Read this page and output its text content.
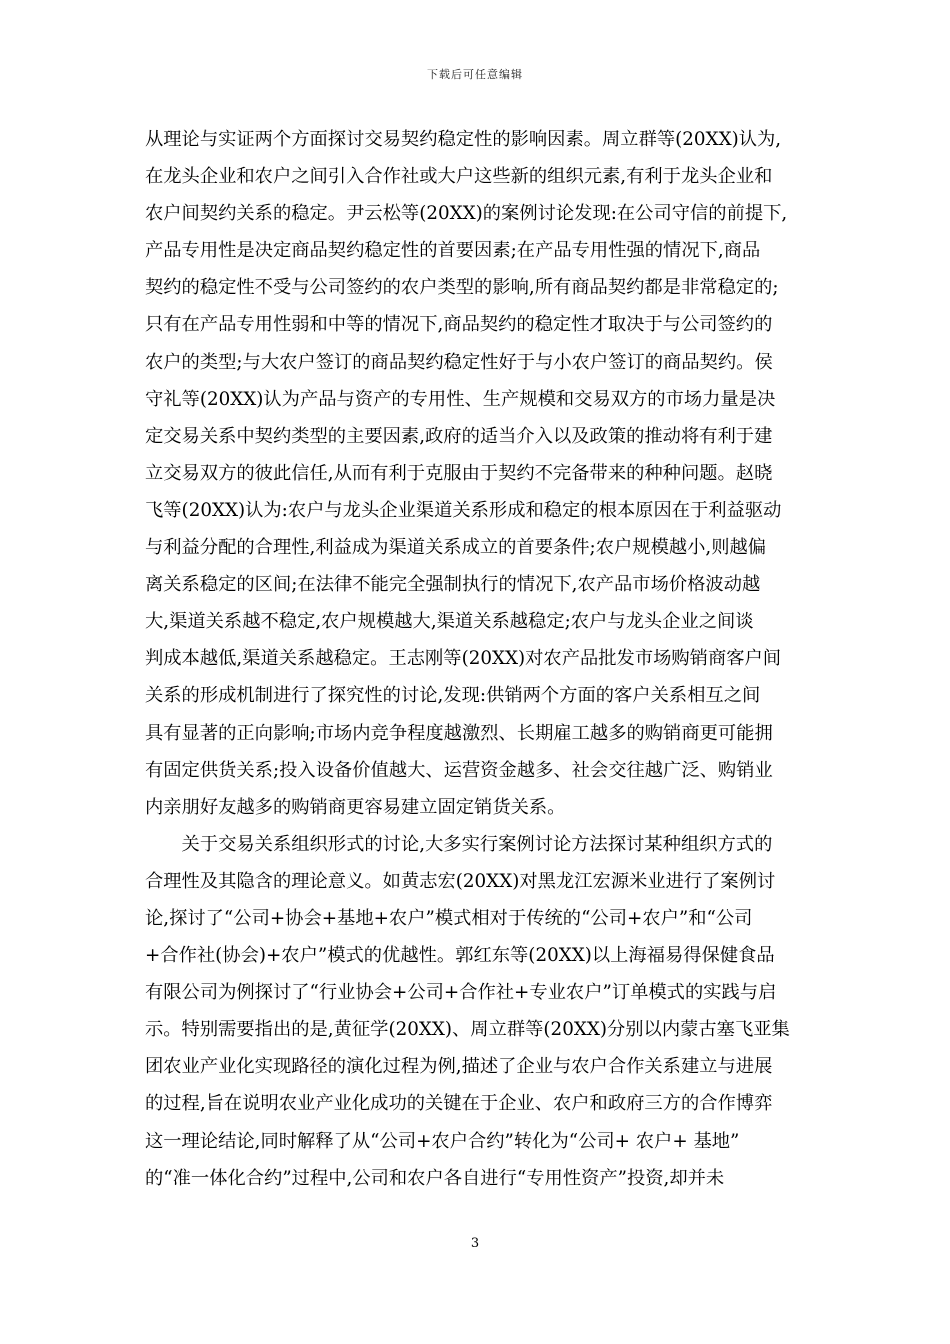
下载后可任意编辑
从理论与实证两个方面探讨交易契约稳定性的影响因素。周立群等(20XX)认为,
在龙头企业和农户之间引入合作社或大户这些新的组织元素,有利于龙头企业和
农户间契约关系的稳定。尹云松等(20XX)的案例讨论发现:在公司守信的前提下,
产品专用性是决定商品契约稳定性的首要因素;在产品专用性强的情况下,商品
契约的稳定性不受与公司签约的农户类型的影响,所有商品契约都是非常稳定的;
只有在产品专用性弱和中等的情况下,商品契约的稳定性才取决于与公司签约的
农户的类型;与大农户签订的商品契约稳定性好于与小农户签订的商品契约。侯
守礼等(20XX)认为产品与资产的专用性、生产规模和交易双方的市场力量是决
定交易关系中契约类型的主要因素,政府的适当介入以及政策的推动将有利于建
立交易双方的彼此信任,从而有利于克服由于契约不完备带来的种种问题。赵晓
飞等(20XX)认为:农户与龙头企业渠道关系形成和稳定的根本原因在于利益驱动
与利益分配的合理性,利益成为渠道关系成立的首要条件;农户规模越小,则越偏
离关系稳定的区间;在法律不能完全强制执行的情况下,农产品市场价格波动越
大,渠道关系越不稳定,农户规模越大,渠道关系越稳定;农户与龙头企业之间谈
判成本越低,渠道关系越稳定。王志刚等(20XX)对农产品批发市场购销商客户间
关系的形成机制进行了探究性的讨论,发现:供销两个方面的客户关系相互之间
具有显著的正向影响;市场内竞争程度越激烈、长期雇工越多的购销商更可能拥
有固定供货关系;投入设备价值越大、运营资金越多、社会交往越广泛、购销业
内亲朋好友越多的购销商更容易建立固定销货关系。
　　关于交易关系组织形式的讨论,大多实行案例讨论方法探讨某种组织方式的
合理性及其隐含的理论意义。如黄志宏(20XX)对黑龙江宏源米业进行了案例讨
论,探讨了“公司+协会+基地+农户”模式相对于传统的“公司+农户”和“公司
+合作社(协会)+农户”模式的优越性。郭红东等(20XX)以上海福易得保健食品
有限公司为例探讨了“行业协会+公司+合作社+专业农户”订单模式的实践与启
示。特别需要指出的是,黄征学(20XX)、周立群等(20XX)分别以内蒙古塞飞亚集
团农业产业化实现路径的演化过程为例,描述了企业与农户合作关系建立与进展
的过程,旨在说明农业产业化成功的关键在于企业、农户和政府三方的合作博弈
这一理论结论,同时解释了从“公司+农户合约”转化为“公司+ 农户+ 基地”
的“准一体化合约”过程中,公司和农户各自进行“专用性资产”投资,却并未
3
